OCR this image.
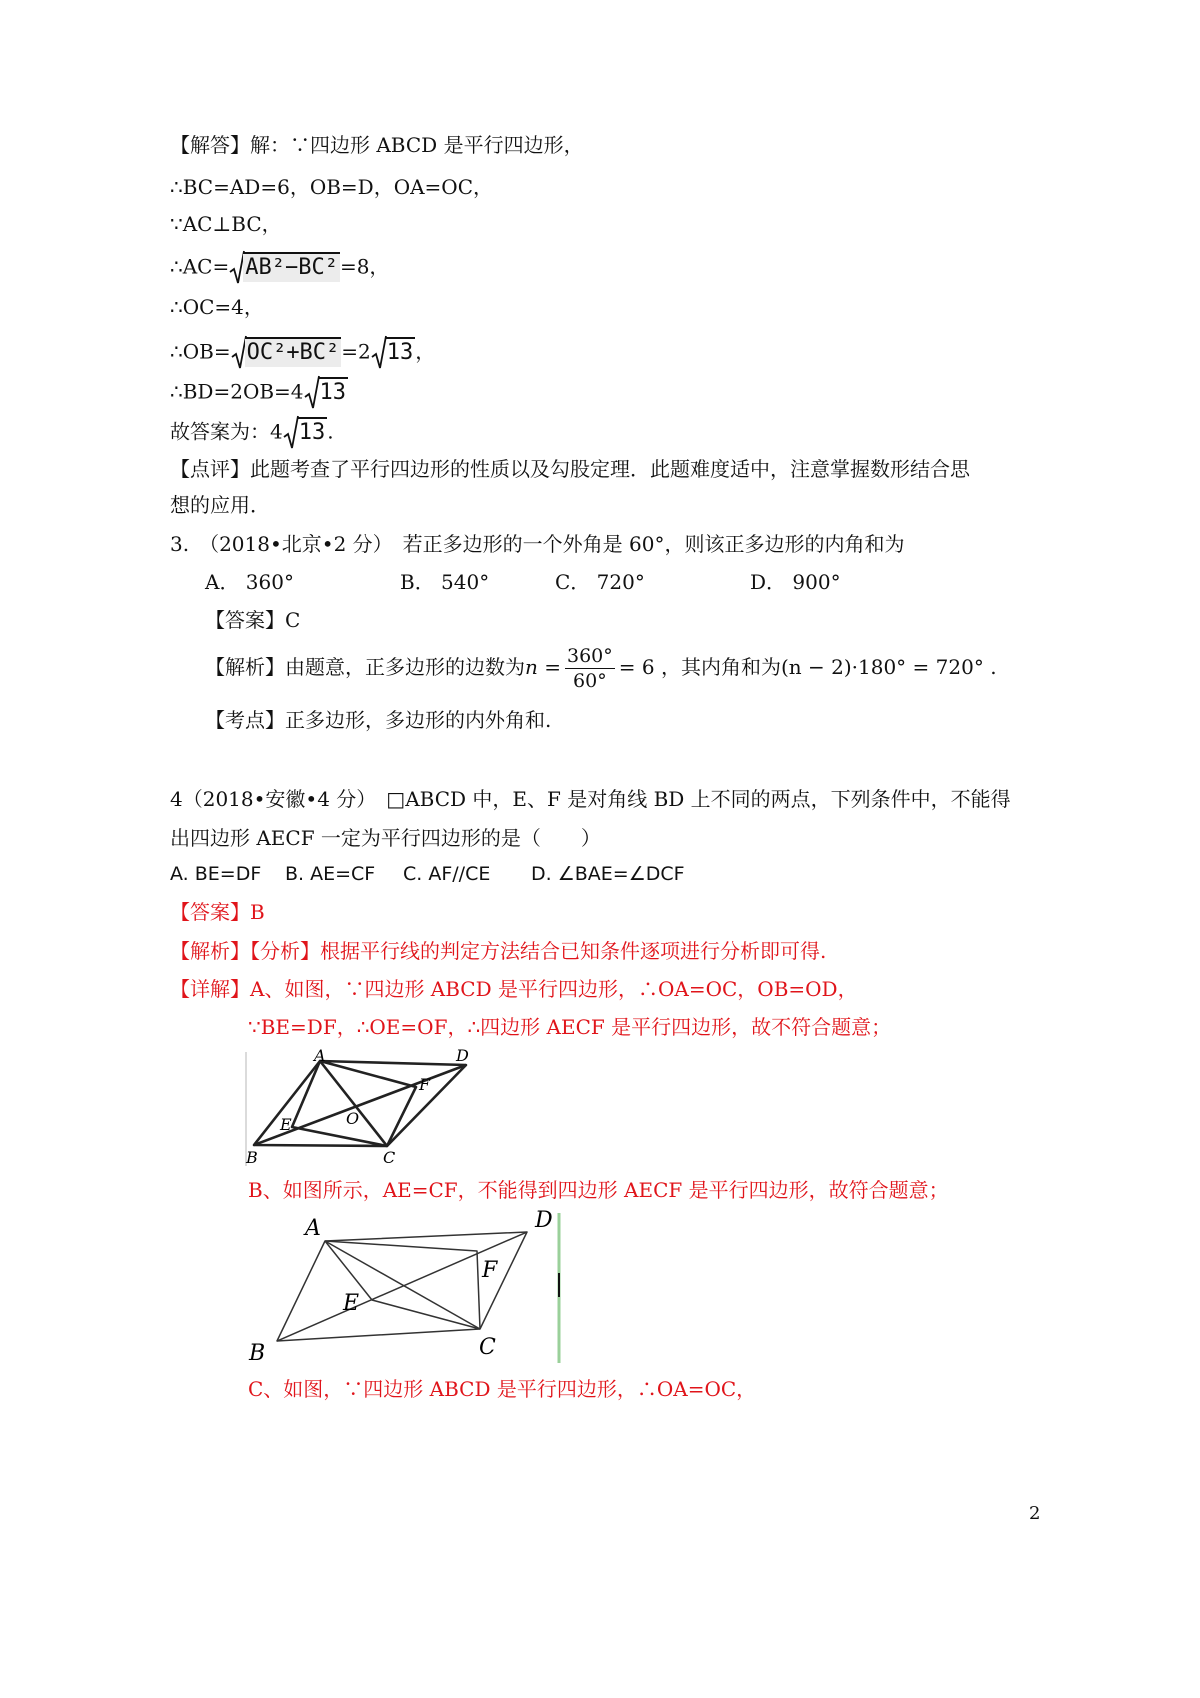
【解答】解：∵四边形 ABCD 是平行四边形，
∴BC=AD=6，OB=D，OA=OC，
∵AC⊥BC，
∴AC= AB²−BC² =8，
∴OC=4，
∴OB= OC²+BC² =2 13 ，
∴BD=2OB=4 13
故答案为：4 13 .
【点评】此题考查了平行四边形的性质以及勾股定理．此题难度适中，注意掌握数形结合思
想的应用．
3.　（2018•北京•2 分）　若正多边形的一个外角是 60°，则该正多边形的内角和为
A． 360°	B． 540°	C． 720°	D． 900°
【答案】C
【解析】由题意，正多边形的边数为$n = \frac{360^\circ}{60^\circ} = 6$ ，其内角和为(n − 2)·180° = 720° .
【考点】正多边形，多边形的内外角和.
4（2018•安徽•4 分）　□ABCD 中，E、F 是对角线 BD 上不同的两点，下列条件中，不能得
出四边形 AECF 一定为平行四边形的是（　　）
A. BE=DF B. AE=CF C. AF//CE D. ∠BAE=∠DCF
【答案】B
【解析】【分析】根据平行线的判定方法结合已知条件逐项进行分析即可得.
【详解】A、如图，∵四边形 ABCD 是平行四边形，∴OA=OC，OB=OD，
∵BE=DF，∴OE=OF，∴四边形 AECF 是平行四边形，故不符合题意；
A	D
F
E	O
B	C
B、如图所示，AE=CF，不能得到四边形 AECF 是平行四边形，故符合题意；
A	D
F
E
B	C
C、如图，∵四边形 ABCD 是平行四边形，∴OA=OC，
2
